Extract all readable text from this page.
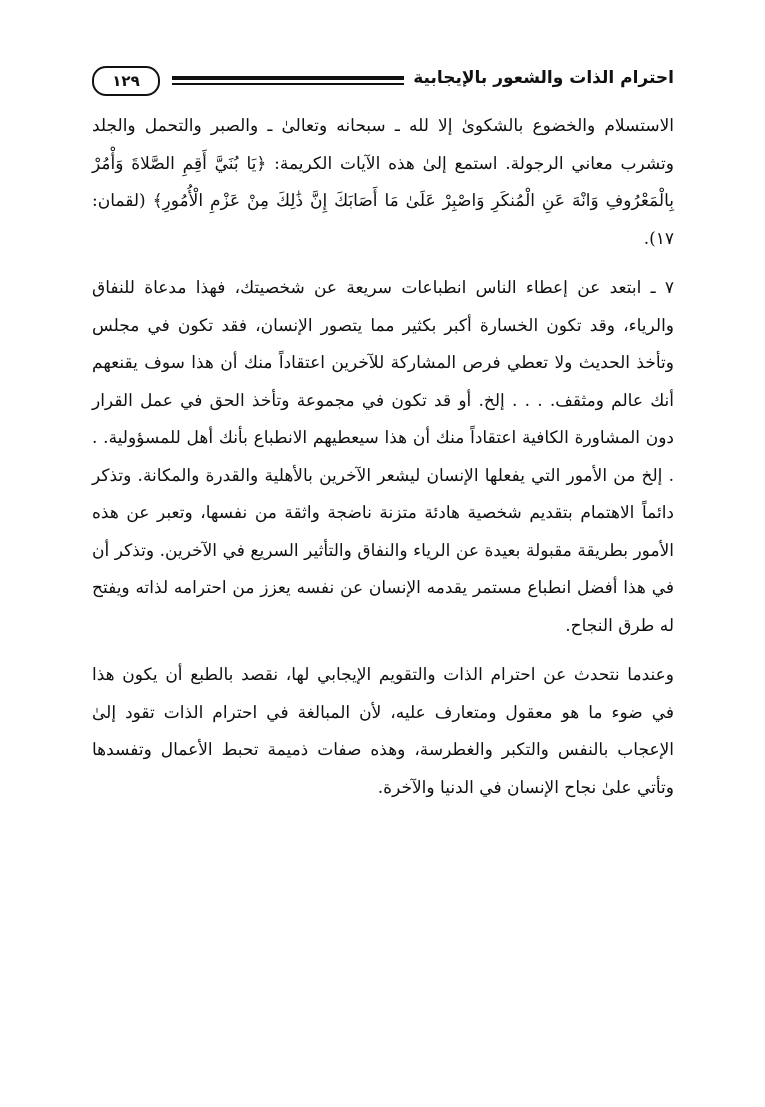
احترام الذات والشعور بالإيجابية
١٢٩

الاستسلام والخضوع بالشكوىٰ إلا لله ـ سبحانه وتعالىٰ ـ والصبر والتحمل والجلد وتشرب معاني الرجولة. استمع إلىٰ هذه الآيات الكريمة: ﴿يَا بُنَيَّ أَقِمِ الصَّلاةَ وَأْمُرْ بِالْمَعْرُوفِ وَانْهَ عَنِ الْمُنكَرِ وَاصْبِرْ عَلَىٰ مَا أَصَابَكَ إِنَّ ذَٰلِكَ مِنْ عَزْمِ الْأُمُورِ﴾ (لقمان: ١٧).

٧ ـ ابتعد عن إعطاء الناس انطباعات سريعة عن شخصيتك، فهذا مدعاة للنفاق والرياء، وقد تكون الخسارة أكبر بكثير مما يتصور الإنسان، فقد تكون في مجلس وتأخذ الحديث ولا تعطي فرص المشاركة للآخرين اعتقاداً منك أن هذا سوف يقنعهم أنك عالم ومثقف. . . . إلخ. أو قد تكون في مجموعة وتأخذ الحق في عمل القرار دون المشاورة الكافية اعتقاداً منك أن هذا سيعطيهم الانطباع بأنك أهل للمسؤولية. . . إلخ من الأمور التي يفعلها الإنسان ليشعر الآخرين بالأهلية والقدرة والمكانة. وتذكر دائماً الاهتمام بتقديم شخصية هادئة متزنة ناضجة واثقة من نفسها، وتعبر عن هذه الأمور بطريقة مقبولة بعيدة عن الرياء والنفاق والتأثير السريع في الآخرين. وتذكر أن في هذا أفضل انطباع مستمر يقدمه الإنسان عن نفسه يعزز من احترامه لذاته ويفتح له طرق النجاح.

وعندما نتحدث عن احترام الذات والتقويم الإيجابي لها، نقصد بالطبع أن يكون هذا في ضوء ما هو معقول ومتعارف عليه، لأن المبالغة في احترام الذات تقود إلىٰ الإعجاب بالنفس والتكبر والغطرسة، وهذه صفات ذميمة تحبط الأعمال وتفسدها وتأتي علىٰ نجاح الإنسان في الدنيا والآخرة.
